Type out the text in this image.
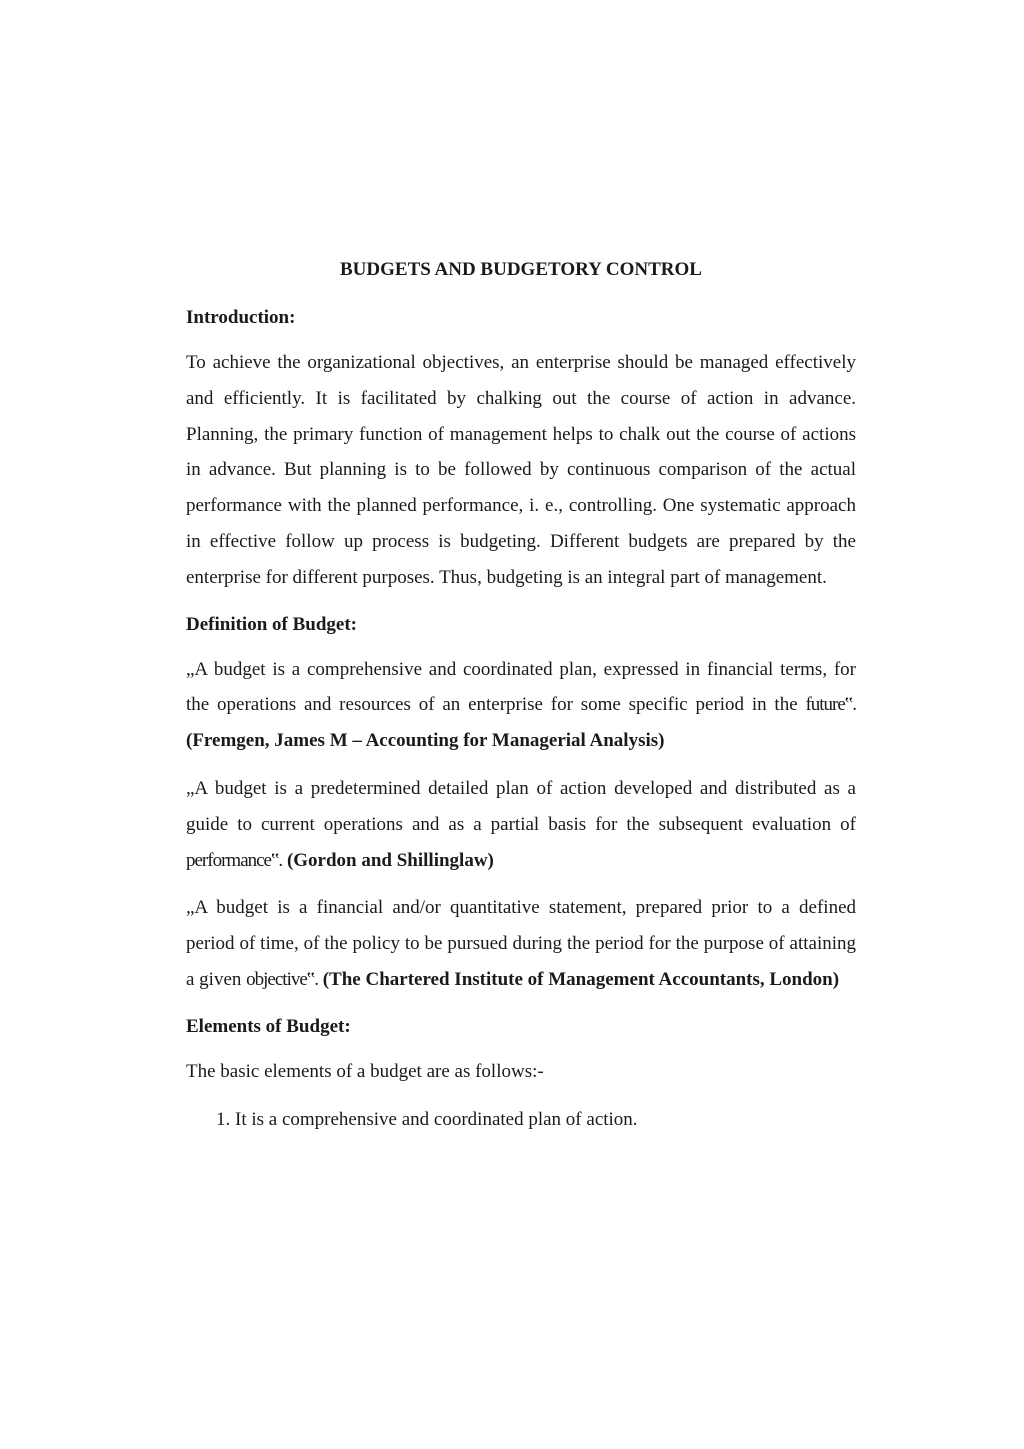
BUDGETS AND BUDGETORY CONTROL
Introduction:

To achieve the organizational objectives, an enterprise should be managed effectively and efficiently. It is facilitated by chalking out the course of action in advance. Planning, the primary function of management helps to chalk out the course of actions in advance. But planning is to be followed by continuous comparison of the actual performance with the planned performance, i. e., controlling. One systematic approach in effective follow up process is budgeting. Different budgets are prepared by the enterprise for different purposes. Thus, budgeting is an integral part of management.

Definition of Budget:

„A budget is a comprehensive and coordinated plan, expressed in financial terms, for the operations and resources of an enterprise for some specific period in the future‟. (Fremgen, James M – Accounting for Managerial Analysis)

„A budget is a predetermined detailed plan of action developed and distributed as a guide to current operations and as a partial basis for the subsequent evaluation of performance‟. (Gordon and Shillinglaw)

„A budget is a financial and/or quantitative statement, prepared prior to a defined period of time, of the policy to be pursued during the period for the purpose of attaining a given objective‟. (The Chartered Institute of Management Accountants, London)

Elements of Budget:
The basic elements of a budget are as follows:-
1. It is a comprehensive and coordinated plan of action.
